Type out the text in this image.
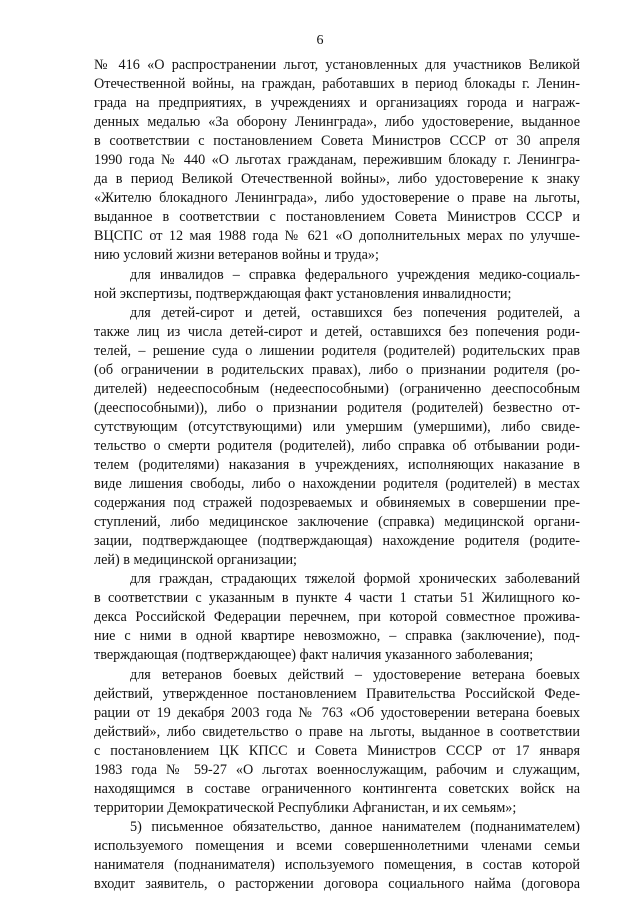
6
№ 416 «О распространении льгот, установленных для участников Великой
Отечественной войны, на граждан, работавших в период блокады г. Ленин-
града на предприятиях, в учреждениях и организациях города и награж-
денных медалью «За оборону Ленинграда», либо удостоверение, выданное
в соответствии с постановлением Совета Министров СССР от 30 апреля
1990 года № 440 «О льготах гражданам, пережившим блокаду г. Ленингра-
да в период Великой Отечественной войны», либо удостоверение к знаку
«Жителю блокадного Ленинграда», либо удостоверение о праве на льготы,
выданное в соответствии с постановлением Совета Министров СССР и
ВЦСПС от 12 мая 1988 года № 621 «О дополнительных мерах по улучше-
нию условий жизни ветеранов войны и труда»;
для инвалидов – справка федерального учреждения медико-социаль-
ной экспертизы, подтверждающая факт установления инвалидности;
для детей-сирот и детей, оставшихся без попечения родителей, а
также лиц из числа детей-сирот и детей, оставшихся без попечения роди-
телей, – решение суда о лишении родителя (родителей) родительских прав
(об ограничении в родительских правах), либо о признании родителя (ро-
дителей) недееспособным (недееспособными) (ограниченно дееспособным
(дееспособными)), либо о признании родителя (родителей) безвестно от-
сутствующим (отсутствующими) или умершим (умершими), либо свиде-
тельство о смерти родителя (родителей), либо справка об отбывании роди-
телем (родителями) наказания в учреждениях, исполняющих наказание в
виде лишения свободы, либо о нахождении родителя (родителей) в местах
содержания под стражей подозреваемых и обвиняемых в совершении пре-
ступлений, либо медицинское заключение (справка) медицинской органи-
зации, подтверждающее (подтверждающая) нахождение родителя (родите-
лей) в медицинской организации;
для граждан, страдающих тяжелой формой хронических заболеваний
в соответствии с указанным в пункте 4 части 1 статьи 51 Жилищного ко-
декса Российской Федерации перечнем, при которой совместное прожива-
ние с ними в одной квартире невозможно, – справка (заключение), под-
тверждающая (подтверждающее) факт наличия указанного заболевания;
для ветеранов боевых действий – удостоверение ветерана боевых
действий, утвержденное постановлением Правительства Российской Феде-
рации от 19 декабря 2003 года № 763 «Об удостоверении ветерана боевых
действий», либо свидетельство о праве на льготы, выданное в соответствии
с постановлением ЦК КПСС и Совета Министров СССР от 17 января
1983 года № 59-27 «О льготах военнослужащим, рабочим и служащим,
находящимся в составе ограниченного контингента советских войск на
территории Демократической Республики Афганистан, и их семьям»;
5) письменное обязательство, данное нанимателем (поднанимателем)
используемого помещения и всеми совершеннолетними членами семьи
нанимателя (поднанимателя) используемого помещения, в состав которой
входит заявитель, о расторжении договора социального найма (договора
